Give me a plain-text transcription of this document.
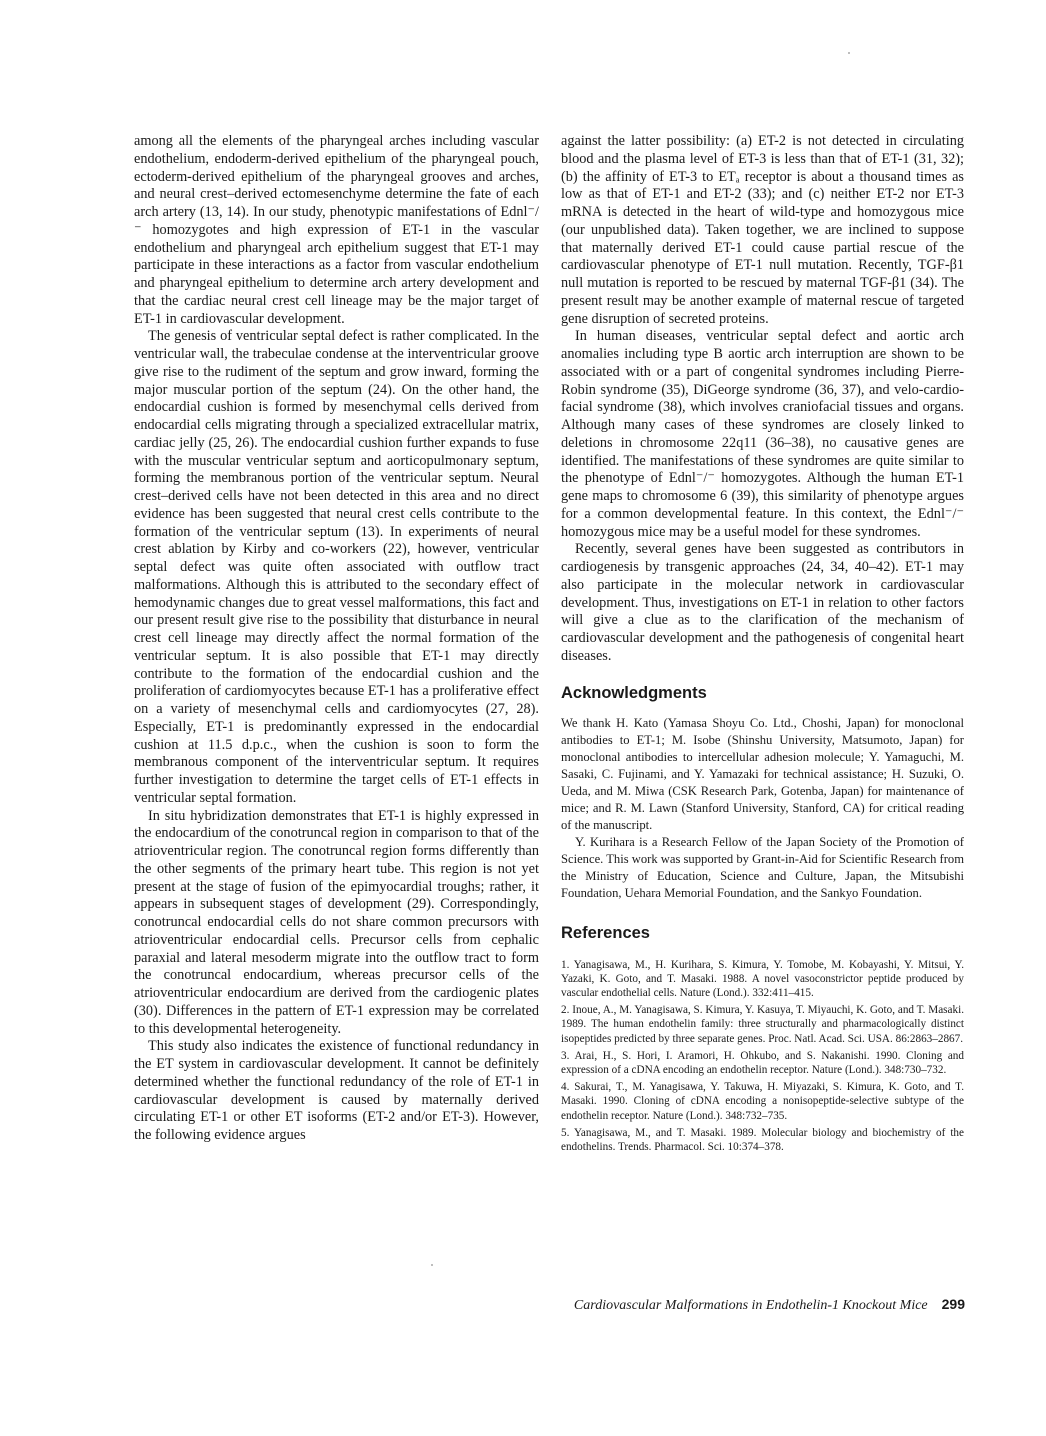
among all the elements of the pharyngeal arches including vascular endothelium, endoderm-derived epithelium of the pharyngeal pouch, ectoderm-derived epithelium of the pharyngeal grooves and arches, and neural crest–derived ectomesenchyme determine the fate of each arch artery (13, 14). In our study, phenotypic manifestations of Ednl⁻/⁻ homozygotes and high expression of ET-1 in the vascular endothelium and pharyngeal arch epithelium suggest that ET-1 may participate in these interactions as a factor from vascular endothelium and pharyngeal epithelium to determine arch artery development and that the cardiac neural crest cell lineage may be the major target of ET-1 in cardiovascular development.

The genesis of ventricular septal defect is rather complicated. In the ventricular wall, the trabeculae condense at the interventricular groove give rise to the rudiment of the septum and grow inward, forming the major muscular portion of the septum (24). On the other hand, the endocardial cushion is formed by mesenchymal cells derived from endocardial cells migrating through a specialized extracellular matrix, cardiac jelly (25, 26). The endocardial cushion further expands to fuse with the muscular ventricular septum and aorticopulmonary septum, forming the membranous portion of the ventricular septum. Neural crest–derived cells have not been detected in this area and no direct evidence has been suggested that neural crest cells contribute to the formation of the ventricular septum (13). In experiments of neural crest ablation by Kirby and co-workers (22), however, ventricular septal defect was quite often associated with outflow tract malformations. Although this is attributed to the secondary effect of hemodynamic changes due to great vessel malformations, this fact and our present result give rise to the possibility that disturbance in neural crest cell lineage may directly affect the normal formation of the ventricular septum. It is also possible that ET-1 may directly contribute to the formation of the endocardial cushion and the proliferation of cardiomyocytes because ET-1 has a proliferative effect on a variety of mesenchymal cells and cardiomyocytes (27, 28). Especially, ET-1 is predominantly expressed in the endocardial cushion at 11.5 d.p.c., when the cushion is soon to form the membranous component of the interventricular septum. It requires further investigation to determine the target cells of ET-1 effects in ventricular septal formation.

In situ hybridization demonstrates that ET-1 is highly expressed in the endocardium of the conotruncal region in comparison to that of the atrioventricular region. The conotruncal region forms differently than the other segments of the primary heart tube. This region is not yet present at the stage of fusion of the epimyocardial troughs; rather, it appears in subsequent stages of development (29). Correspondingly, conotruncal endocardial cells do not share common precursors with atrioventricular endocardial cells. Precursor cells from cephalic paraxial and lateral mesoderm migrate into the outflow tract to form the conotruncal endocardium, whereas precursor cells of the atrioventricular endocardium are derived from the cardiogenic plates (30). Differences in the pattern of ET-1 expression may be correlated to this developmental heterogeneity.

This study also indicates the existence of functional redundancy in the ET system in cardiovascular development. It cannot be definitely determined whether the functional redundancy of the role of ET-1 in cardiovascular development is caused by maternally derived circulating ET-1 or other ET isoforms (ET-2 and/or ET-3). However, the following evidence argues

against the latter possibility: (a) ET-2 is not detected in circulating blood and the plasma level of ET-3 is less than that of ET-1 (31, 32); (b) the affinity of ET-3 to ETₐ receptor is about a thousand times as low as that of ET-1 and ET-2 (33); and (c) neither ET-2 nor ET-3 mRNA is detected in the heart of wild-type and homozygous mice (our unpublished data). Taken together, we are inclined to suppose that maternally derived ET-1 could cause partial rescue of the cardiovascular phenotype of ET-1 null mutation. Recently, TGF-β1 null mutation is reported to be rescued by maternal TGF-β1 (34). The present result may be another example of maternal rescue of targeted gene disruption of secreted proteins.

In human diseases, ventricular septal defect and aortic arch anomalies including type B aortic arch interruption are shown to be associated with or a part of congenital syndromes including Pierre-Robin syndrome (35), DiGeorge syndrome (36, 37), and velo-cardio-facial syndrome (38), which involves craniofacial tissues and organs. Although many cases of these syndromes are closely linked to deletions in chromosome 22q11 (36–38), no causative genes are identified. The manifestations of these syndromes are quite similar to the phenotype of Ednl⁻/⁻ homozygotes. Although the human ET-1 gene maps to chromosome 6 (39), this similarity of phenotype argues for a common developmental feature. In this context, the Ednl⁻/⁻ homozygous mice may be a useful model for these syndromes.

Recently, several genes have been suggested as contributors in cardiogenesis by transgenic approaches (24, 34, 40–42). ET-1 may also participate in the molecular network in cardiovascular development. Thus, investigations on ET-1 in relation to other factors will give a clue as to the clarification of the mechanism of cardiovascular development and the pathogenesis of congenital heart diseases.

Acknowledgments

We thank H. Kato (Yamasa Shoyu Co. Ltd., Choshi, Japan) for monoclonal antibodies to ET-1; M. Isobe (Shinshu University, Matsumoto, Japan) for monoclonal antibodies to intercellular adhesion molecule; Y. Yamaguchi, M. Sasaki, C. Fujinami, and Y. Yamazaki for technical assistance; H. Suzuki, O. Ueda, and M. Miwa (CSK Research Park, Gotenba, Japan) for maintenance of mice; and R. M. Lawn (Stanford University, Stanford, CA) for critical reading of the manuscript.

Y. Kurihara is a Research Fellow of the Japan Society of the Promotion of Science. This work was supported by Grant-in-Aid for Scientific Research from the Ministry of Education, Science and Culture, Japan, the Mitsubishi Foundation, Uehara Memorial Foundation, and the Sankyo Foundation.

References
1. Yanagisawa, M., H. Kurihara, S. Kimura, Y. Tomobe, M. Kobayashi, Y. Mitsui, Y. Yazaki, K. Goto, and T. Masaki. 1988. A novel vasoconstrictor peptide produced by vascular endothelial cells. Nature (Lond.). 332:411–415.
2. Inoue, A., M. Yanagisawa, S. Kimura, Y. Kasuya, T. Miyauchi, K. Goto, and T. Masaki. 1989. The human endothelin family: three structurally and pharmacologically distinct isopeptides predicted by three separate genes. Proc. Natl. Acad. Sci. USA. 86:2863–2867.
3. Arai, H., S. Hori, I. Aramori, H. Ohkubo, and S. Nakanishi. 1990. Cloning and expression of a cDNA encoding an endothelin receptor. Nature (Lond.). 348:730–732.
4. Sakurai, T., M. Yanagisawa, Y. Takuwa, H. Miyazaki, S. Kimura, K. Goto, and T. Masaki. 1990. Cloning of cDNA encoding a nonisopeptide-selective subtype of the endothelin receptor. Nature (Lond.). 348:732–735.
5. Yanagisawa, M., and T. Masaki. 1989. Molecular biology and biochemistry of the endothelins. Trends. Pharmacol. Sci. 10:374–378.
Cardiovascular Malformations in Endothelin-1 Knockout Mice 299
